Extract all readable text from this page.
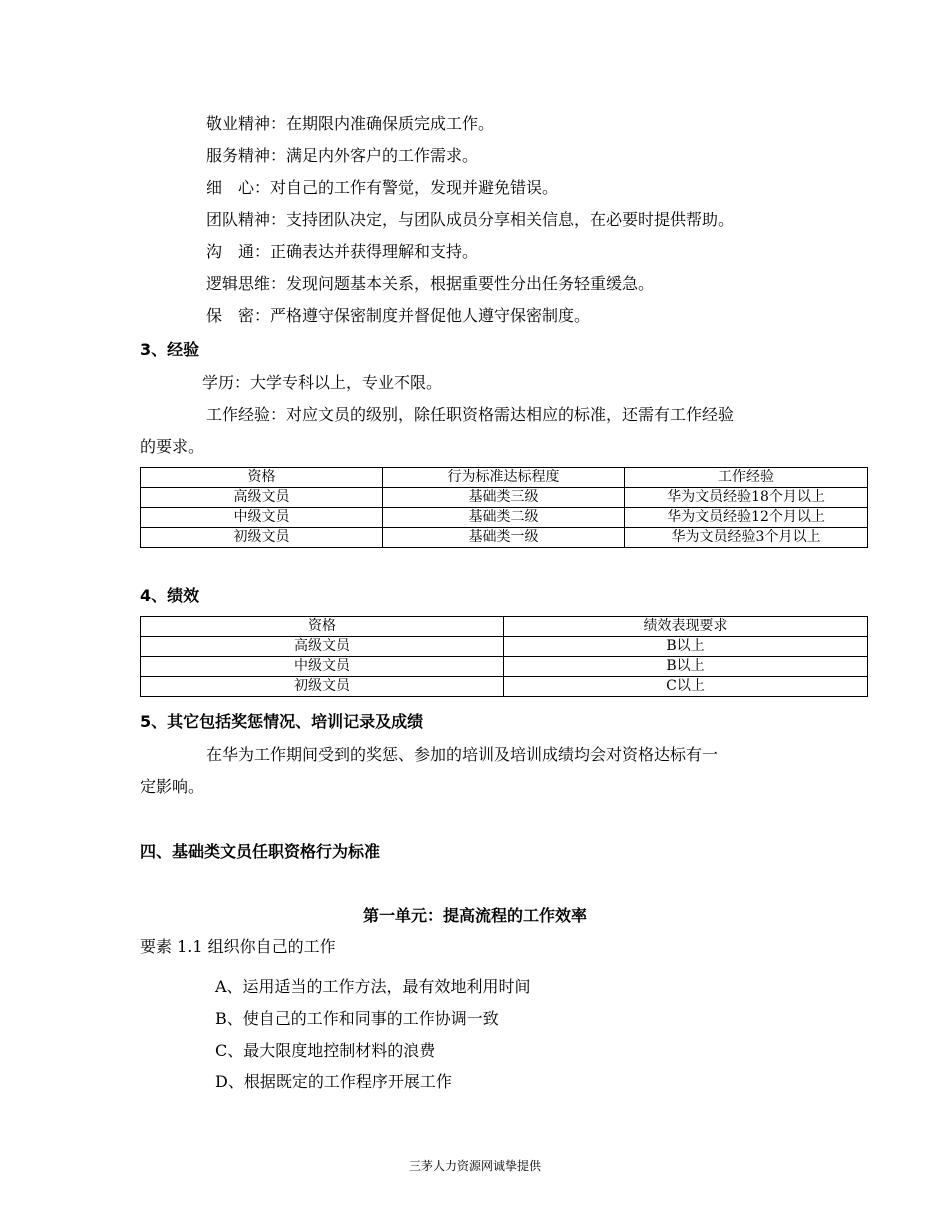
敬业精神：在期限内准确保质完成工作。
服务精神：满足内外客户的工作需求。
细　心：对自己的工作有警觉，发现并避免错误。
团队精神：支持团队决定，与团队成员分享相关信息，在必要时提供帮助。
沟　通：正确表达并获得理解和支持。
逻辑思维：发现问题基本关系，根据重要性分出任务轻重缓急。
保　密：严格遵守保密制度并督促他人遵守保密制度。
3、经验
学历：大学专科以上，专业不限。
工作经验：对应文员的级别，除任职资格需达相应的标准，还需有工作经验
的要求。
资格	行为标准达标程度	工作经验
高级文员	基础类三级	华为文员经验18个月以上
中级文员	基础类二级	华为文员经验12个月以上
初级文员	基础类一级	华为文员经验3个月以上
4、绩效
资格	绩效表现要求
高级文员	B以上
中级文员	B以上
初级文员	C以上
5、其它包括奖惩情况、培训记录及成绩
在华为工作期间受到的奖惩、参加的培训及培训成绩均会对资格达标有一
定影响。
四、基础类文员任职资格行为标准
第一单元：提高流程的工作效率
要素 1.1 组织你自己的工作
A、运用适当的工作方法，最有效地利用时间
B、使自己的工作和同事的工作协调一致
C、最大限度地控制材料的浪费
D、根据既定的工作程序开展工作
三茅人力资源网诚挚提供
